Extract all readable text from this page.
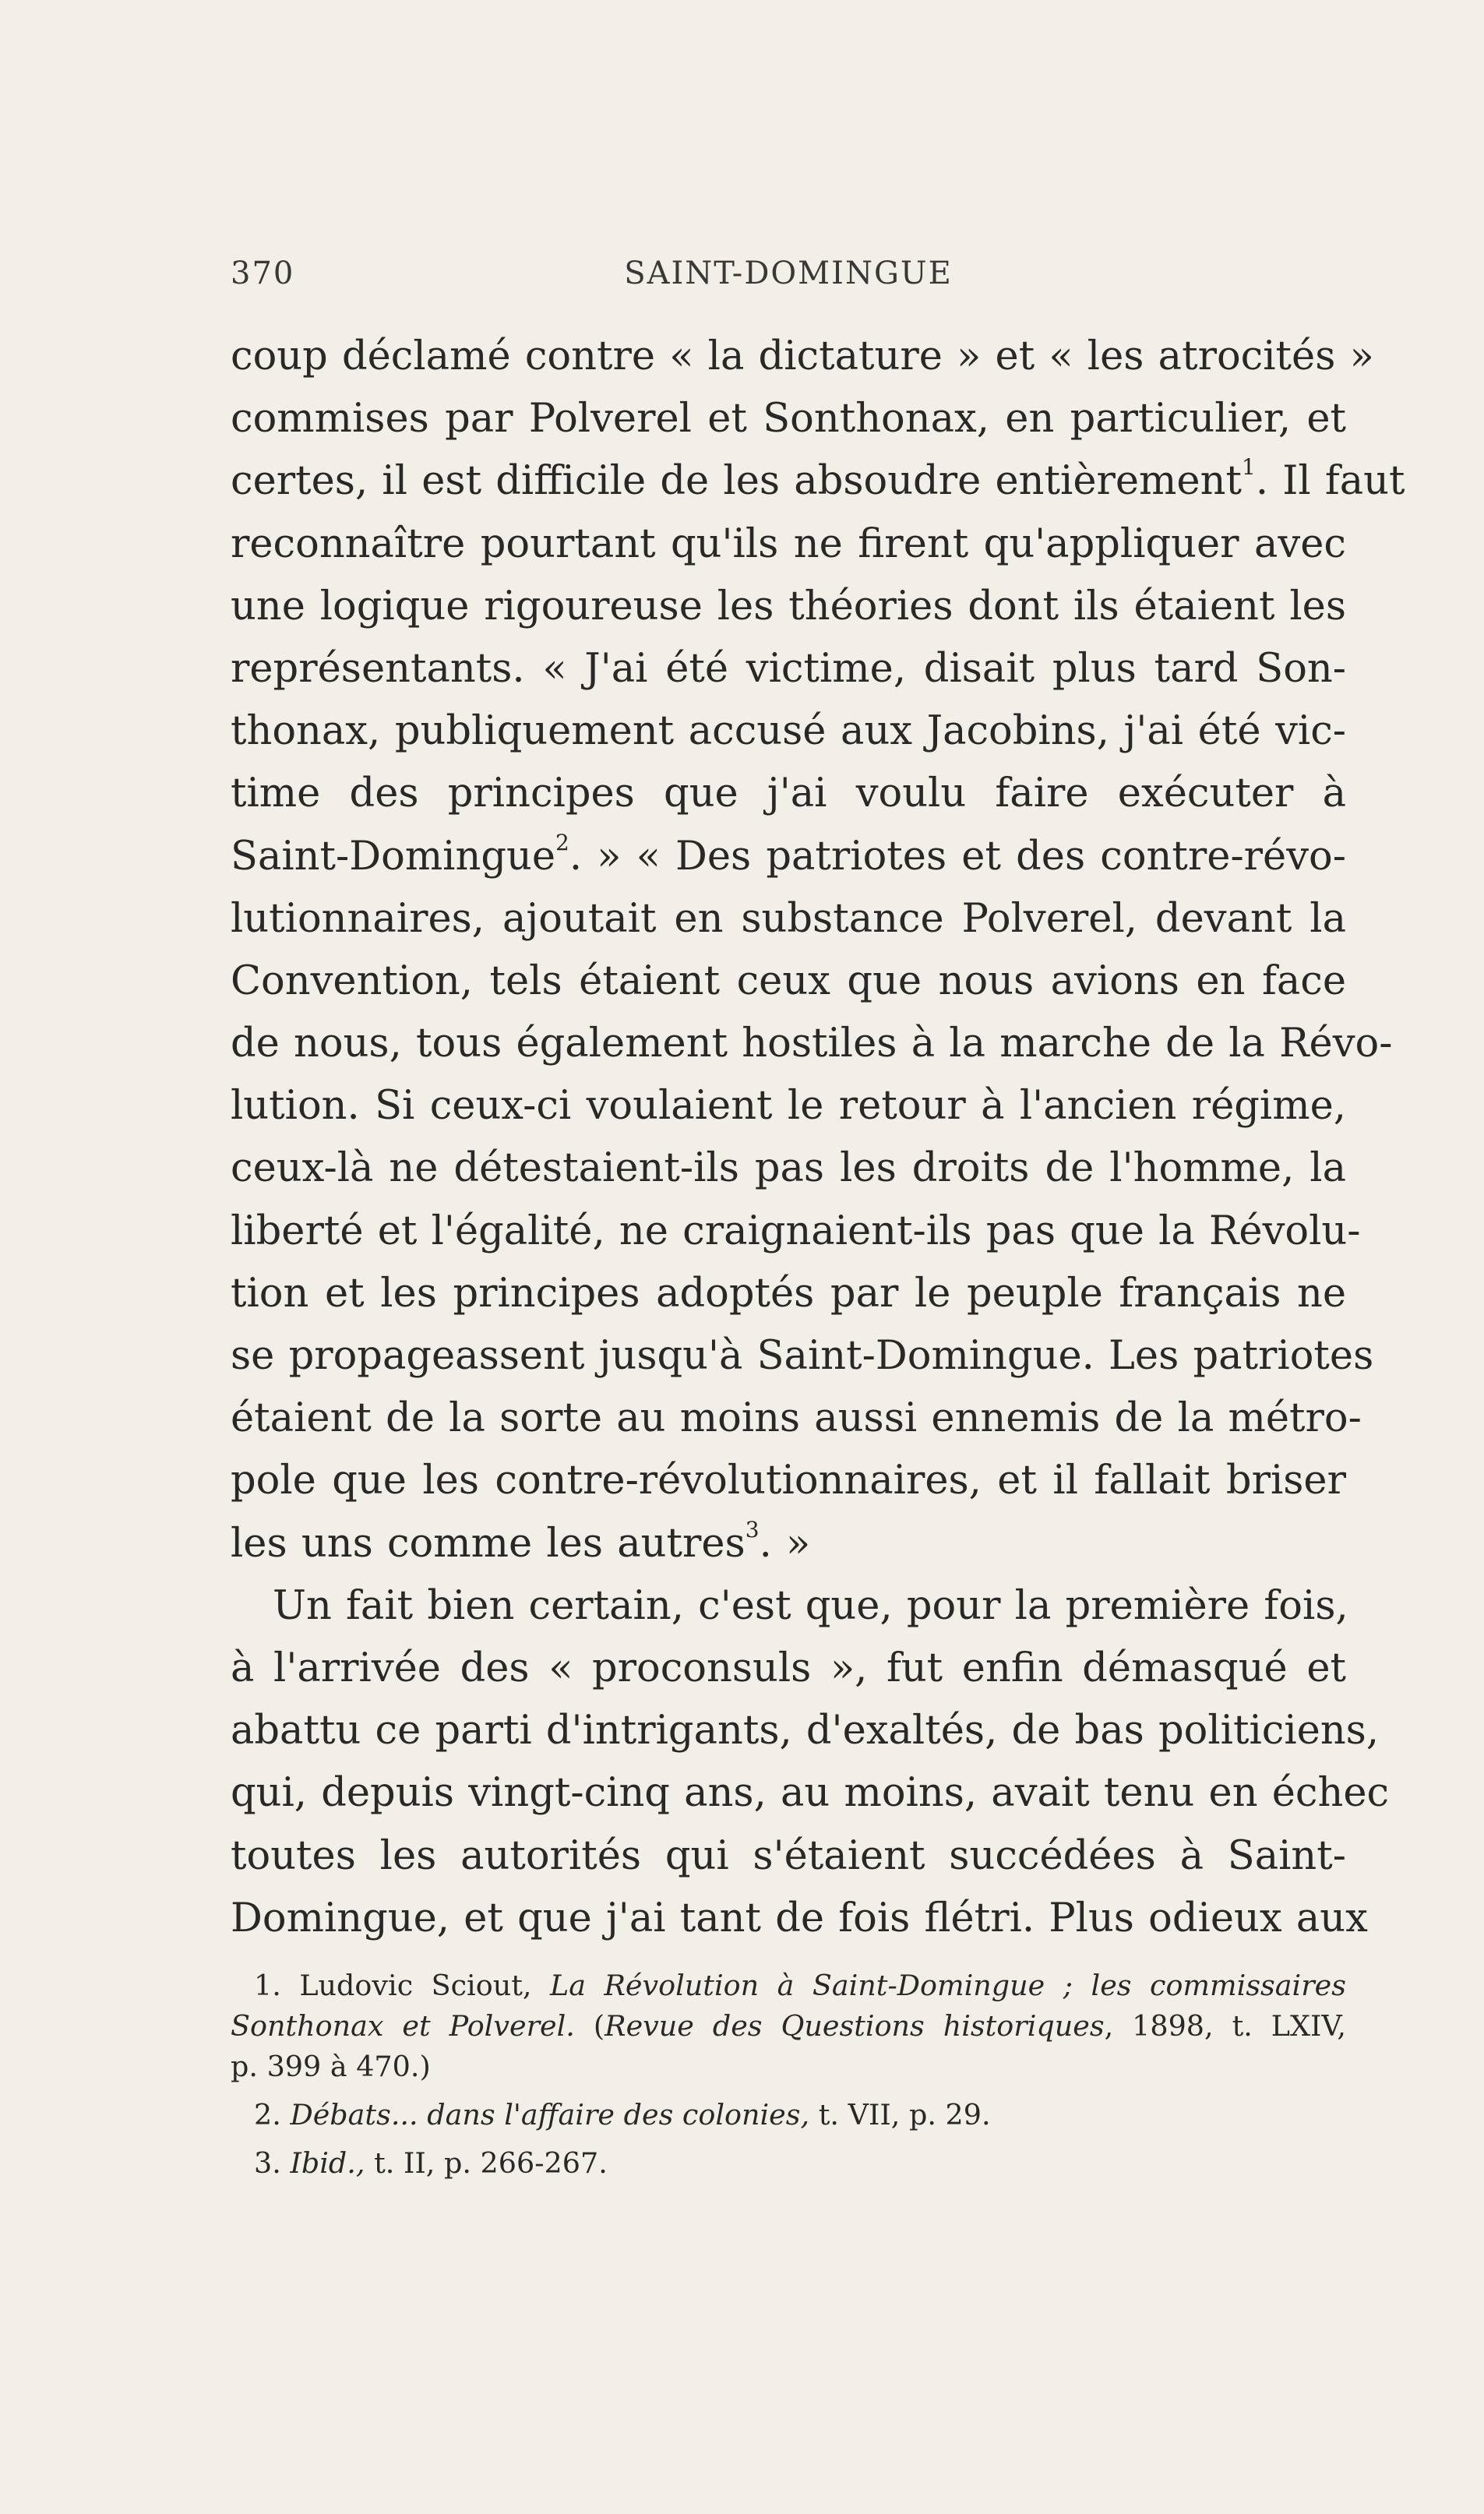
370	SAINT-DOMINGUE
coup déclamé contre « la dictature » et « les atrocités »
commises par Polverel et Sonthonax, en particulier, et
certes, il est difficile de les absoudre entièrement$^1$. Il faut
reconnaître pourtant qu'ils ne firent qu'appliquer avec
une logique rigoureuse les théories dont ils étaient les
représentants. « J'ai été victime, disait plus tard Son-
thonax, publiquement accusé aux Jacobins, j'ai été vic-
time des principes que j'ai voulu faire exécuter à
Saint-Domingue$^2$. » « Des patriotes et des contre-révo-
lutionnaires, ajoutait en substance Polverel, devant la
Convention, tels étaient ceux que nous avions en face
de nous, tous également hostiles à la marche de la Révo-
lution. Si ceux-ci voulaient le retour à l'ancien régime,
ceux-là ne détestaient-ils pas les droits de l'homme, la
liberté et l'égalité, ne craignaient-ils pas que la Révolu-
tion et les principes adoptés par le peuple français ne
se propageassent jusqu'à Saint-Domingue. Les patriotes
étaient de la sorte au moins aussi ennemis de la métro-
pole que les contre-révolutionnaires, et il fallait briser
les uns comme les autres$^3$. »
Un fait bien certain, c'est que, pour la première fois,
à l'arrivée des « proconsuls », fut enfin démasqué et
abattu ce parti d'intrigants, d'exaltés, de bas politiciens,
qui, depuis vingt-cinq ans, au moins, avait tenu en échec
toutes les autorités qui s'étaient succédées à Saint-
Domingue, et que j'ai tant de fois flétri. Plus odieux aux
1. Ludovic Sciout, La Révolution à Saint-Domingue ; les commissaires
Sonthonax et Polverel. (Revue des Questions historiques, 1898, t. LXIV,
p. 399 à 470.)
2. Débats... dans l'affaire des colonies, t. VII, p. 29.
3. Ibid., t. II, p. 266-267.
